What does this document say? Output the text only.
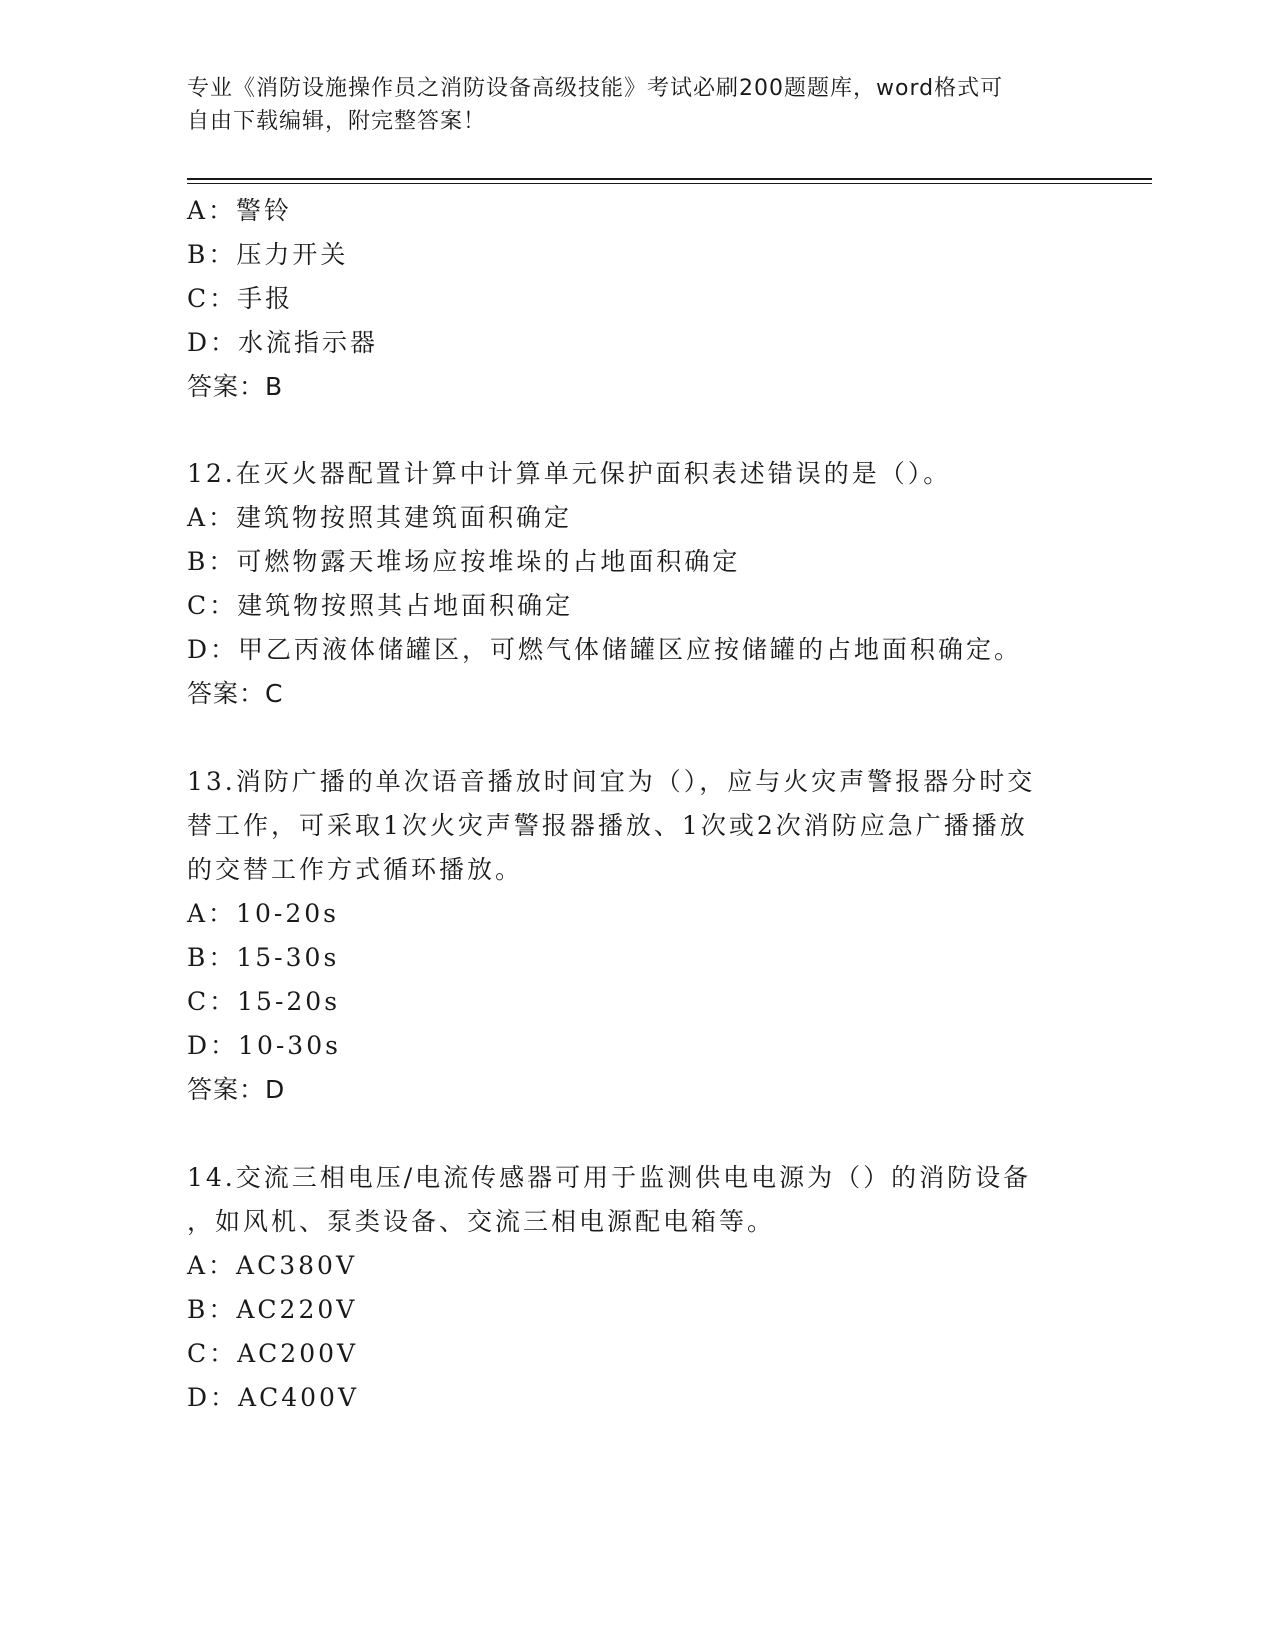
专业《消防设施操作员之消防设备高级技能》考试必刷200题题库，word格式可
自由下载编辑，附完整答案！
A：警铃
B：压力开关
C：手报
D：水流指示器
答案：B
12.在灭火器配置计算中计算单元保护面积表述错误的是（）。
A：建筑物按照其建筑面积确定
B：可燃物露天堆场应按堆垛的占地面积确定
C：建筑物按照其占地面积确定
D：甲乙丙液体储罐区，可燃气体储罐区应按储罐的占地面积确定。
答案：C
13.消防广播的单次语音播放时间宜为（），应与火灾声警报器分时交
替工作，可采取1次火灾声警报器播放、1次或2次消防应急广播播放
的交替工作方式循环播放。
A：10-20s
B：15-30s
C：15-20s
D：10-30s
答案：D
14.交流三相电压/电流传感器可用于监测供电电源为（）的消防设备
，如风机、泵类设备、交流三相电源配电箱等。
A：AC380V
B：AC220V
C：AC200V
D：AC400V
